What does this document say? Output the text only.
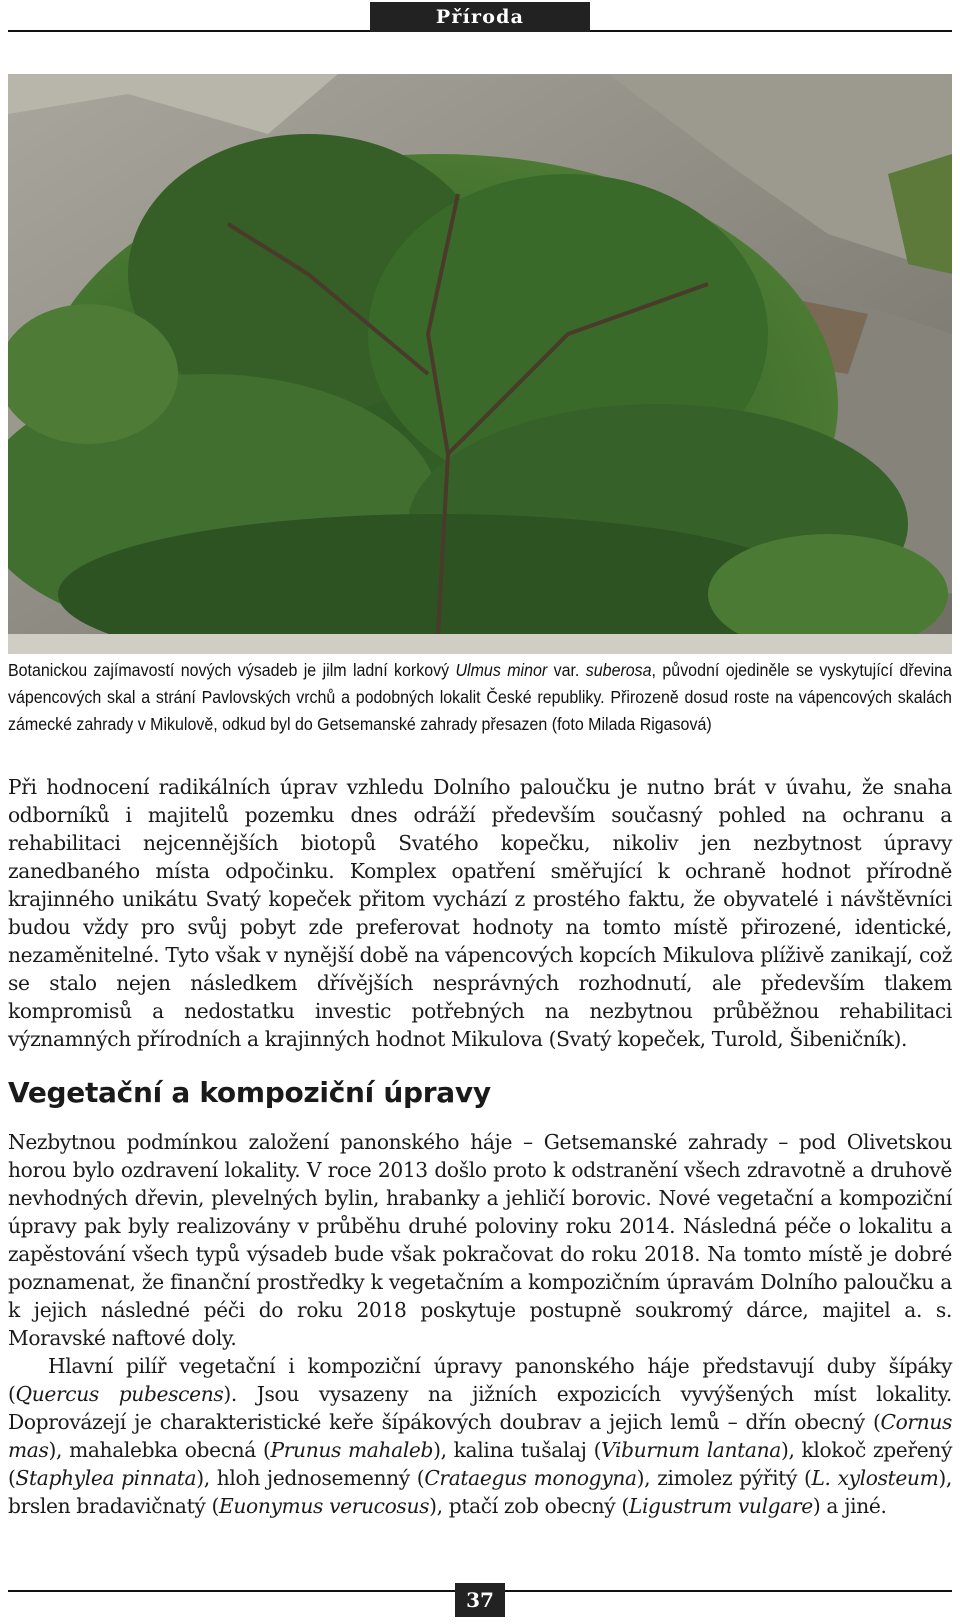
Příroda
Botanickou zajímavostí nových výsadeb je jilm ladní korkový Ulmus minor var. suberosa, původní ojediněle se vyskytující dřevina vápencových skal a strání Pavlovských vrchů a podobných lokalit České republiky. Přirozeně dosud roste na vápencových skalách zámecké zahrady v Mikulově, odkud byl do Getsemanské zahrady přesazen (foto Milada Rigasová)

Při hodnocení radikálních úprav vzhledu Dolního paloučku je nutno brát v úvahu, že snaha odborníků i majitelů pozemku dnes odráží především současný pohled na ochranu a rehabilitaci nejcennějších biotopů Svatého kopečku, nikoliv jen nezbytnost úpravy zanedbaného místa odpočinku. Komplex opatření směřující k ochraně hodnot přírodně krajinného unikátu Svatý kopeček přitom vychází z prostého faktu, že obyvatelé i návštěvníci budou vždy pro svůj pobyt zde preferovat hodnoty na tomto místě přirozené, identické, nezaměnitelné. Tyto však v nynější době na vápencových kopcích Mikulova plíživě zanikají, což se stalo nejen následkem dřívějších nesprávných rozhodnutí, ale především tlakem kompromisů a nedostatku investic potřebných na nezbytnou průběžnou rehabilitaci významných přírodních a krajinných hodnot Mikulova (Svatý kopeček, Turold, Šibeničník).

Vegetační a kompoziční úpravy

Nezbytnou podmínkou založení panonského háje – Getsemanské zahrady – pod Olivetskou horou bylo ozdravení lokality. V roce 2013 došlo proto k odstranění všech zdravotně a druhově nevhodných dřevin, plevelných bylin, hrabanky a jehličí borovic. Nové vegetační a kompoziční úpravy pak byly realizovány v průběhu druhé poloviny roku 2014. Následná péče o lokalitu a zapěstování všech typů výsadeb bude však pokračovat do roku 2018. Na tomto místě je dobré poznamenat, že finanční prostředky k vegetačním a kompozičním úpravám Dolního paloučku a k jejich následné péči do roku 2018 poskytuje postupně soukromý dárce, majitel a. s. Moravské naftové doly.

Hlavní pilíř vegetační i kompoziční úpravy panonského háje představují duby šípáky (Quercus pubescens). Jsou vysazeny na jižních expozicích vyvýšených míst lokality. Doprovázejí je charakteristické keře šípákových doubrav a jejich lemů – dřín obecný (Cornus mas), mahalebka obecná (Prunus mahaleb), kalina tušalaj (Viburnum lantana), klokoč zpeřený (Staphylea pinnata), hloh jednosemenný (Crataegus monogyna), zimolez pýřitý (L. xylosteum), brslen bradavičnatý (Euonymus verucosus), ptačí zob obecný (Ligustrum vulgare) a jiné.

37
